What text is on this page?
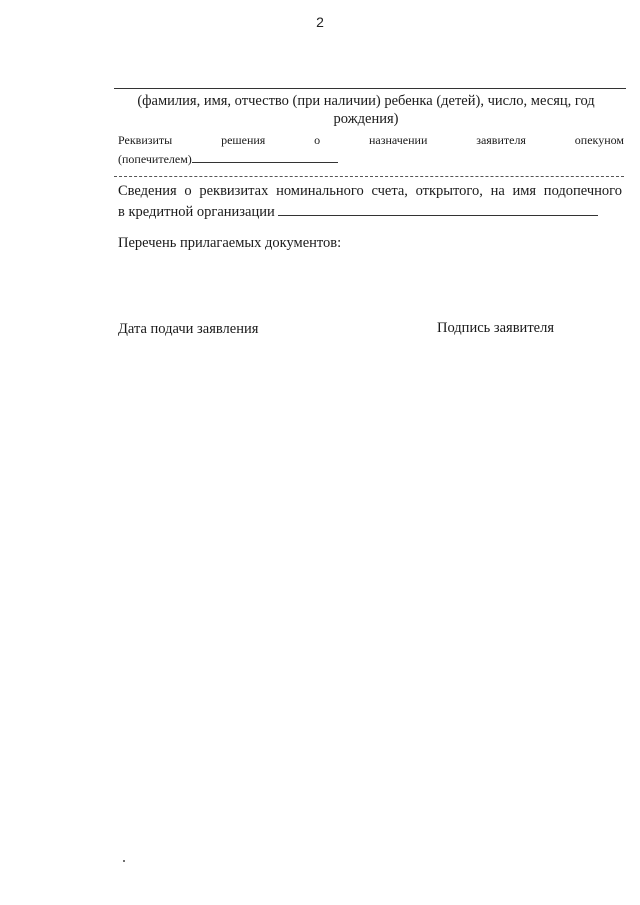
2
(фамилия, имя, отчество (при наличии) ребенка (детей), число, месяц, год рождения)
Реквизиты	решения	о	назначении	заявителя	опекуном
(попечителем)
Сведения о реквизитах номинального счета, открытого, на имя подопечного
в кредитной организации
Перечень прилагаемых документов:
Дата подачи заявления	Подпись заявителя
